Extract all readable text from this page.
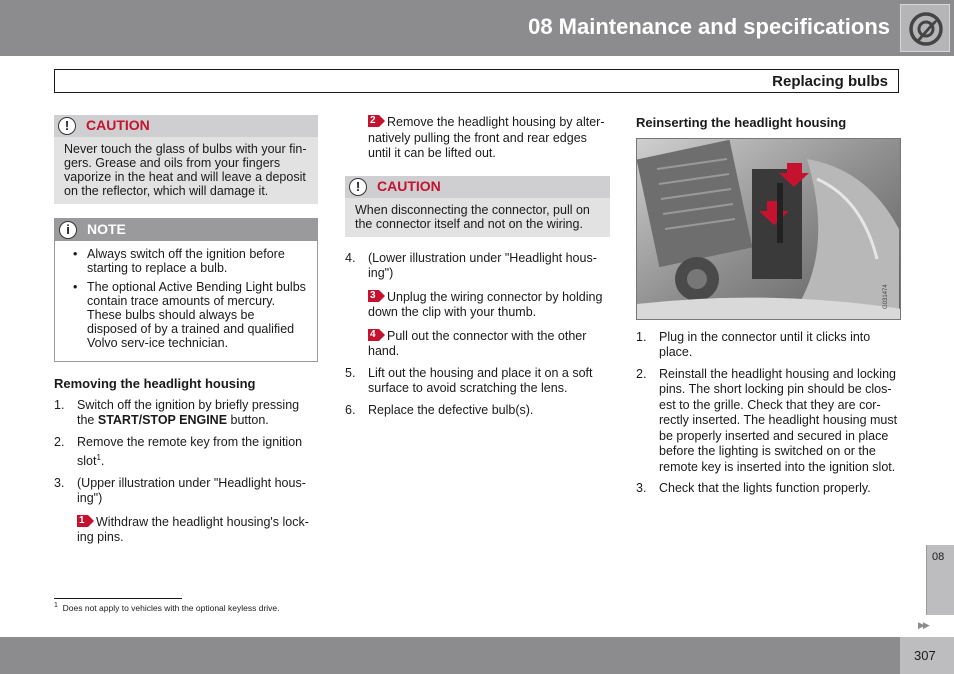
08 Maintenance and specifications
Replacing bulbs
!	CAUTION
Never touch the glass of bulbs with your fin-gers. Grease and oils from your fingers vaporize in the heat and will leave a deposit on the reflector, which will damage it.
i	NOTE
• Always switch off the ignition before starting to replace a bulb.
• The optional Active Bending Light bulbs contain trace amounts of mercury. These bulbs should always be disposed of by a trained and qualified Volvo serv-ice technician.
Removing the headlight housing
1.	Switch off the ignition by briefly pressing the START/STOP ENGINE button.
2.	Remove the remote key from the ignition slot$^1$.
3.	(Upper illustration under "Headlight hous-ing")
1 Withdraw the headlight housing's lock-ing pins.
2 Remove the headlight housing by alter-natively pulling the front and rear edges until it can be lifted out.
!	CAUTION
When disconnecting the connector, pull on the connector itself and not on the wiring.
4.	(Lower illustration under "Headlight hous-ing")
3 Unplug the wiring connector by holding down the clip with your thumb.
4 Pull out the connector with the other hand.
5.	Lift out the housing and place it on a soft surface to avoid scratching the lens.
6.	Replace the defective bulb(s).
Reinserting the headlight housing
G031474
1.	Plug in the connector until it clicks into place.
2.	Reinstall the headlight housing and locking pins. The short locking pin should be clos-est to the grille. Check that they are cor-rectly inserted. The headlight housing must be properly inserted and secured in place before the lighting is switched on or the remote key is inserted into the ignition slot.
3.	Check that the lights function properly.
$^1$ Does not apply to vehicles with the optional keyless drive.
08
▶▶
307
